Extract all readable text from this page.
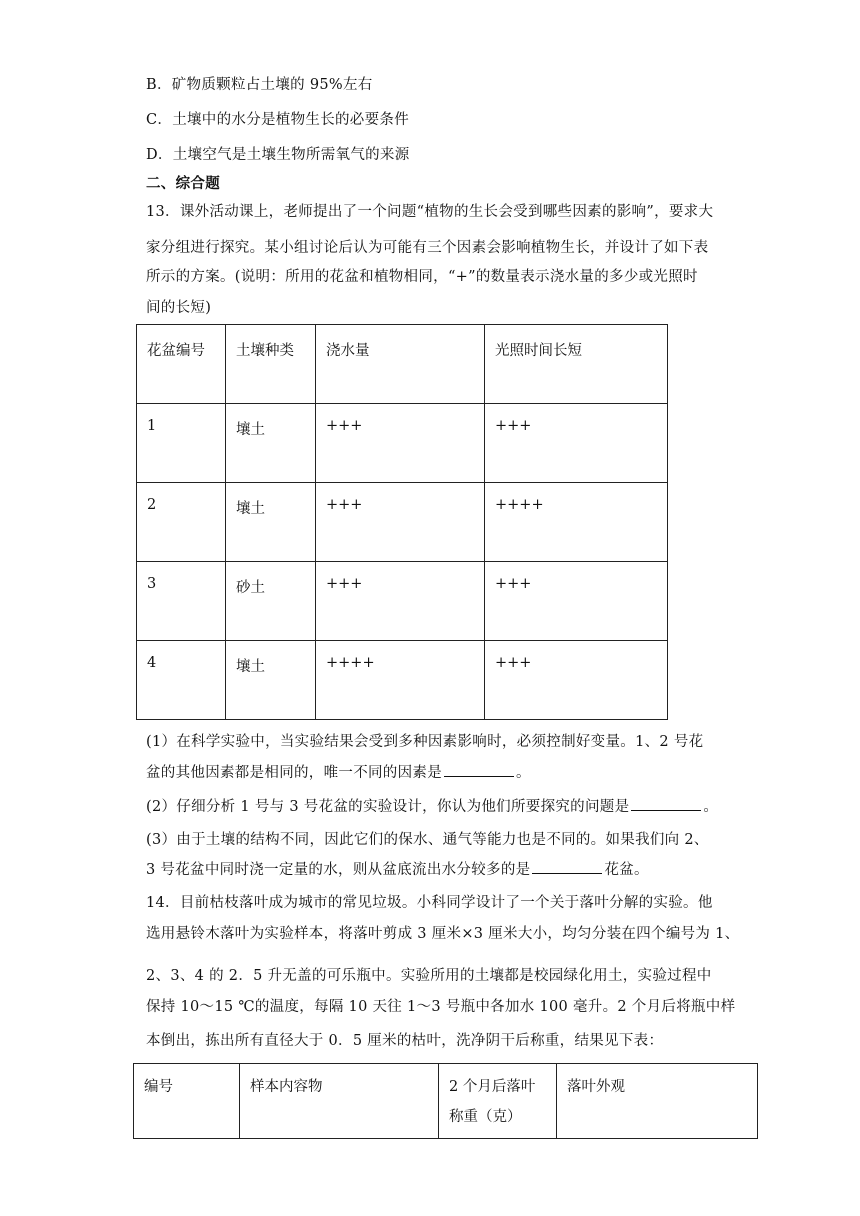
B．矿物质颗粒占土壤的 95%左右
C．土壤中的水分是植物生长的必要条件
D．土壤空气是土壤生物所需氧气的来源
二、综合题
13．课外活动课上，老师提出了一个问题“植物的生长会受到哪些因素的影响”，要求大
家分组进行探究。某小组讨论后认为可能有三个因素会影响植物生长，并设计了如下表
所示的方案。(说明：所用的花盆和植物相同，“+”的数量表示浇水量的多少或光照时
间的长短)
花盆编号	土壤种类	浇水量	光照时间长短
1	壤土	+++	+++
2	壤土	+++	++++
3	砂土	+++	+++
4	壤土	++++	+++
(1）在科学实验中，当实验结果会受到多种因素影响时，必须控制好变量。1、2 号花
盆的其他因素都是相同的，唯一不同的因素是	。
(2）仔细分析 1 号与 3 号花盆的实验设计，你认为他们所要探究的问题是	。
(3）由于土壤的结构不同，因此它们的保水、通气等能力也是不同的。如果我们向 2、
3 号花盆中同时浇一定量的水，则从盆底流出水分较多的是	花盆。
14．目前枯枝落叶成为城市的常见垃圾。小科同学设计了一个关于落叶分解的实验。他
选用悬铃木落叶为实验样本，将落叶剪成 3 厘米×3 厘米大小，均匀分装在四个编号为 1、
2、3、4 的 2．5 升无盖的可乐瓶中。实验所用的土壤都是校园绿化用土，实验过程中
保持 10～15 ℃的温度，每隔 10 天往 1～3 号瓶中各加水 100 毫升。2 个月后将瓶中样
本倒出，拣出所有直径大于 0．5 厘米的枯叶，洗净阴干后称重，结果见下表：
编号	样本内容物	2 个月后落叶称重（克）	落叶外观
